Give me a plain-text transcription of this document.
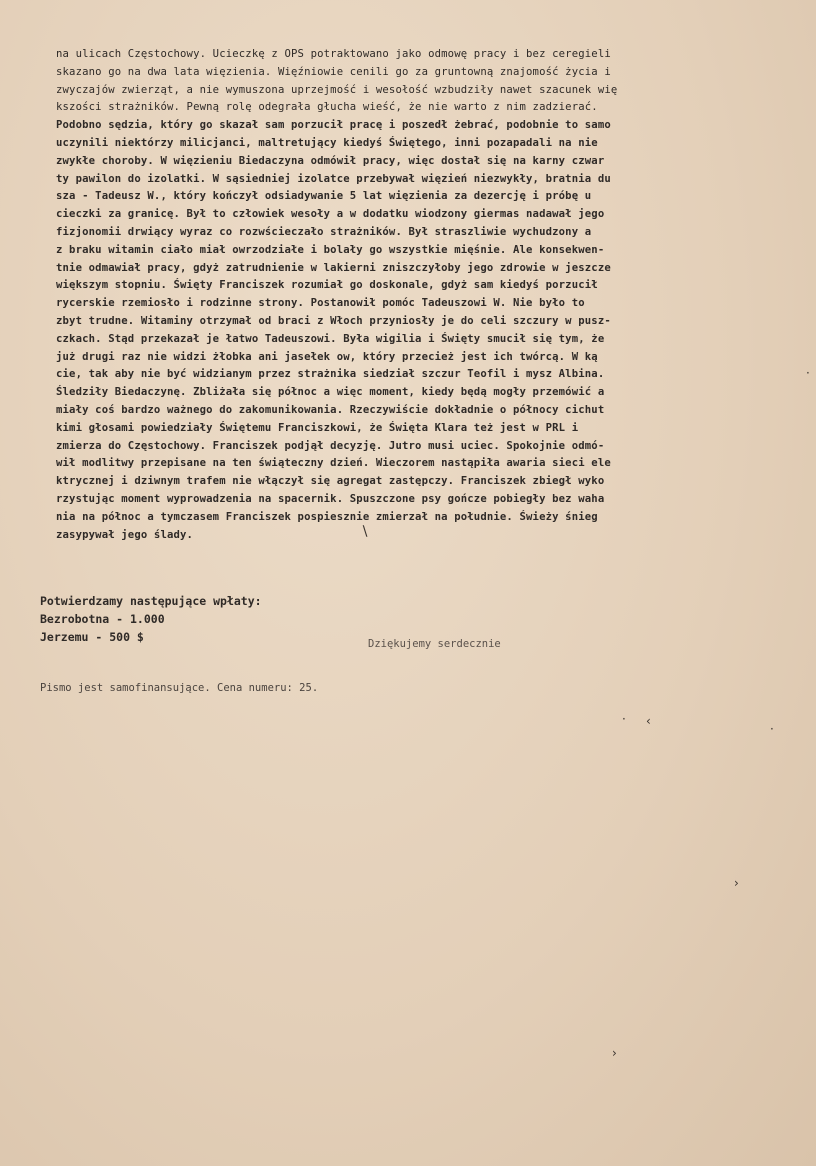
na ulicach Częstochowy. Ucieczkę z OPS potraktowano jako odmowę pracy i bez ceregieli
skazano go na dwa lata więzienia. Więźniowie cenili go za gruntowną znajomość życia i
zwyczajów zwierząt, a nie wymuszona uprzejmość i wesołość wzbudziły nawet szacunek wię
kszości strażników. Pewną rolę odegrała głucha wieść, że nie warto z nim zadzierać.
Podobno sędzia, który go skazał sam porzucił pracę i poszedł żebrać, podobnie to samo
uczynili niektórzy milicjanci, maltretujący kiedyś Świętego, inni pozapadali na nie
zwykłe choroby. W więzieniu Biedaczyna odmówił pracy, więc dostał się na karny czwar
ty pawilon do izolatki. W sąsiedniej izolatce przebywał więzień niezwykły, bratnia du
sza - Tadeusz W., który kończył odsiadywanie 5 lat więzienia za dezercję i próbę u
cieczki za granicę. Był to człowiek wesoły a w dodatku wiodzony giermas nadawał jego
fizjonomii drwiący wyraz co rozwścieczało strażników. Był straszliwie wychudzony a
z braku witamin ciało miał owrzodziałe i bolały go wszystkie mięśnie. Ale konsekwen-
tnie odmawiał pracy, gdyż zatrudnienie w lakierni zniszczyłoby jego zdrowie w jeszcze
większym stopniu. Święty Franciszek rozumiał go doskonale, gdyż sam kiedyś porzucił
rycerskie rzemiosło i rodzinne strony. Postanowił pomóc Tadeuszowi W. Nie było to
zbyt trudne. Witaminy otrzymał od braci z Włoch przyniosły je do celi szczury w pusz-
czkach. Stąd przekazał je łatwo Tadeuszowi. Była wigilia i Święty smucił się tym, że
już drugi raz nie widzi żłobka ani jasełek ow, który przecież jest ich twórcą. W ką
cie, tak aby nie być widzianym przez strażnika siedział szczur Teofil i mysz Albina.
Śledziły Biedaczynę. Zbliżała się północ a więc moment, kiedy będą mogły przemówić a
miały coś bardzo ważnego do zakomunikowania. Rzeczywiście dokładnie o północy cichut
kimi głosami powiedziały Świętemu Franciszkowi, że Święta Klara też jest w PRL i
zmierza do Częstochowy. Franciszek podjął decyzję. Jutro musi uciec. Spokojnie odmó-
wił modlitwy przepisane na ten świąteczny dzień. Wieczorem nastąpiła awaria sieci ele
ktrycznej i dziwnym trafem nie włączył się agregat zastępczy. Franciszek zbiegł wyko
rzystując moment wyprowadzenia na spacernik. Spuszczone psy gończe pobiegły bez waha
nia na północ a tymczasem Franciszek pospiesznie zmierzał na południe. Świeży śnieg
zasypywał jego ślady.
Potwierdzamy następujące wpłaty:
Bezrobotna - 1.000
Jerzemu - 500 $	Dziękujemy serdecznie
Pismo jest samofinansujące. Cena numeru: 25.
∖
· ‹
·
›
›
·
